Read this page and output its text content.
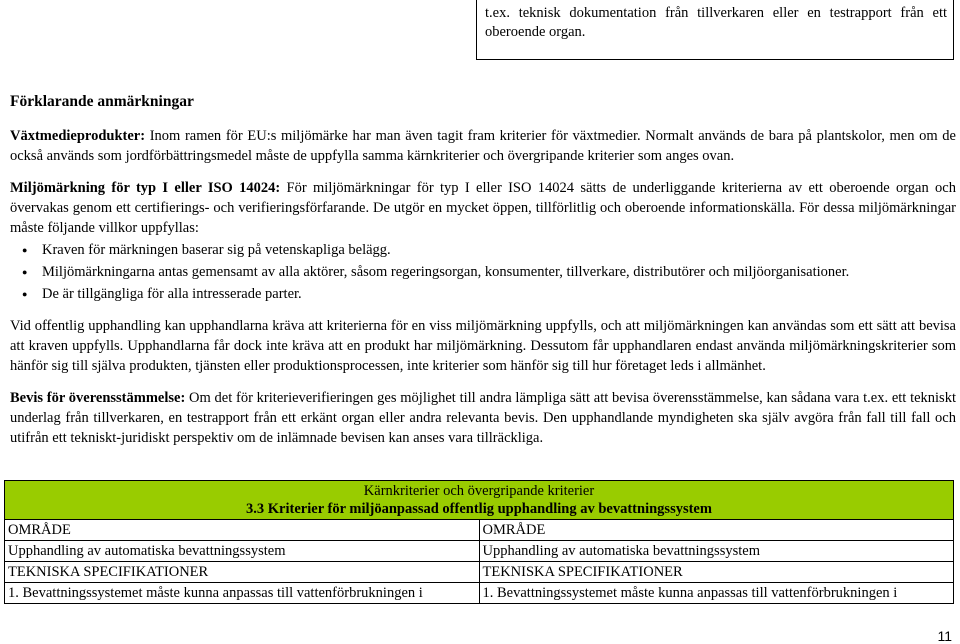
t.ex. teknisk dokumentation från tillverkaren eller en testrapport från ett oberoende organ.
Förklarande anmärkningar

Växtmedieprodukter: Inom ramen för EU:s miljömärke har man även tagit fram kriterier för växtmedier. Normalt används de bara på plantskolor, men om de också används som jordförbättringsmedel måste de uppfylla samma kärnkriterier och övergripande kriterier som anges ovan.

Miljömärkning för typ I eller ISO 14024: För miljömärkningar för typ I eller ISO 14024 sätts de underliggande kriterierna av ett oberoende organ och övervakas genom ett certifierings- och verifieringsförfarande. De utgör en mycket öppen, tillförlitlig och oberoende informationskälla. För dessa miljömärkningar måste följande villkor uppfyllas:

● Kraven för märkningen baserar sig på vetenskapliga belägg.
● Miljömärkningarna antas gemensamt av alla aktörer, såsom regeringsorgan, konsumenter, tillverkare, distributörer och miljöorganisationer.
● De är tillgängliga för alla intresserade parter.

Vid offentlig upphandling kan upphandlarna kräva att kriterierna för en viss miljömärkning uppfylls, och att miljömärkningen kan användas som ett sätt att bevisa att kraven uppfylls. Upphandlarna får dock inte kräva att en produkt har miljömärkning. Dessutom får upphandlaren endast använda miljömärkningskriterier som hänför sig till själva produkten, tjänsten eller produktionsprocessen, inte kriterier som hänför sig till hur företaget leds i allmänhet.

Bevis för överensstämmelse: Om det för kriterieverifieringen ges möjlighet till andra lämpliga sätt att bevisa överensstämmelse, kan sådana vara t.ex. ett tekniskt underlag från tillverkaren, en testrapport från ett erkänt organ eller andra relevanta bevis. Den upphandlande myndigheten ska själv avgöra från fall till fall och utifrån ett tekniskt-juridiskt perspektiv om de inlämnade bevisen kan anses vara tillräckliga.

Kärnkriterier och övergripande kriterier
3.3 Kriterier för miljöanpassad offentlig upphandling av bevattningssystem	

OMRÅDE	OMRÅDE
Upphandling av automatiska bevattningssystem	Upphandling av automatiska bevattningssystem
TEKNISKA SPECIFIKATIONER	TEKNISKA SPECIFIKATIONER
1. Bevattningssystemet måste kunna anpassas till vattenförbrukningen i	1. Bevattningssystemet måste kunna anpassas till vattenförbrukningen i
11
